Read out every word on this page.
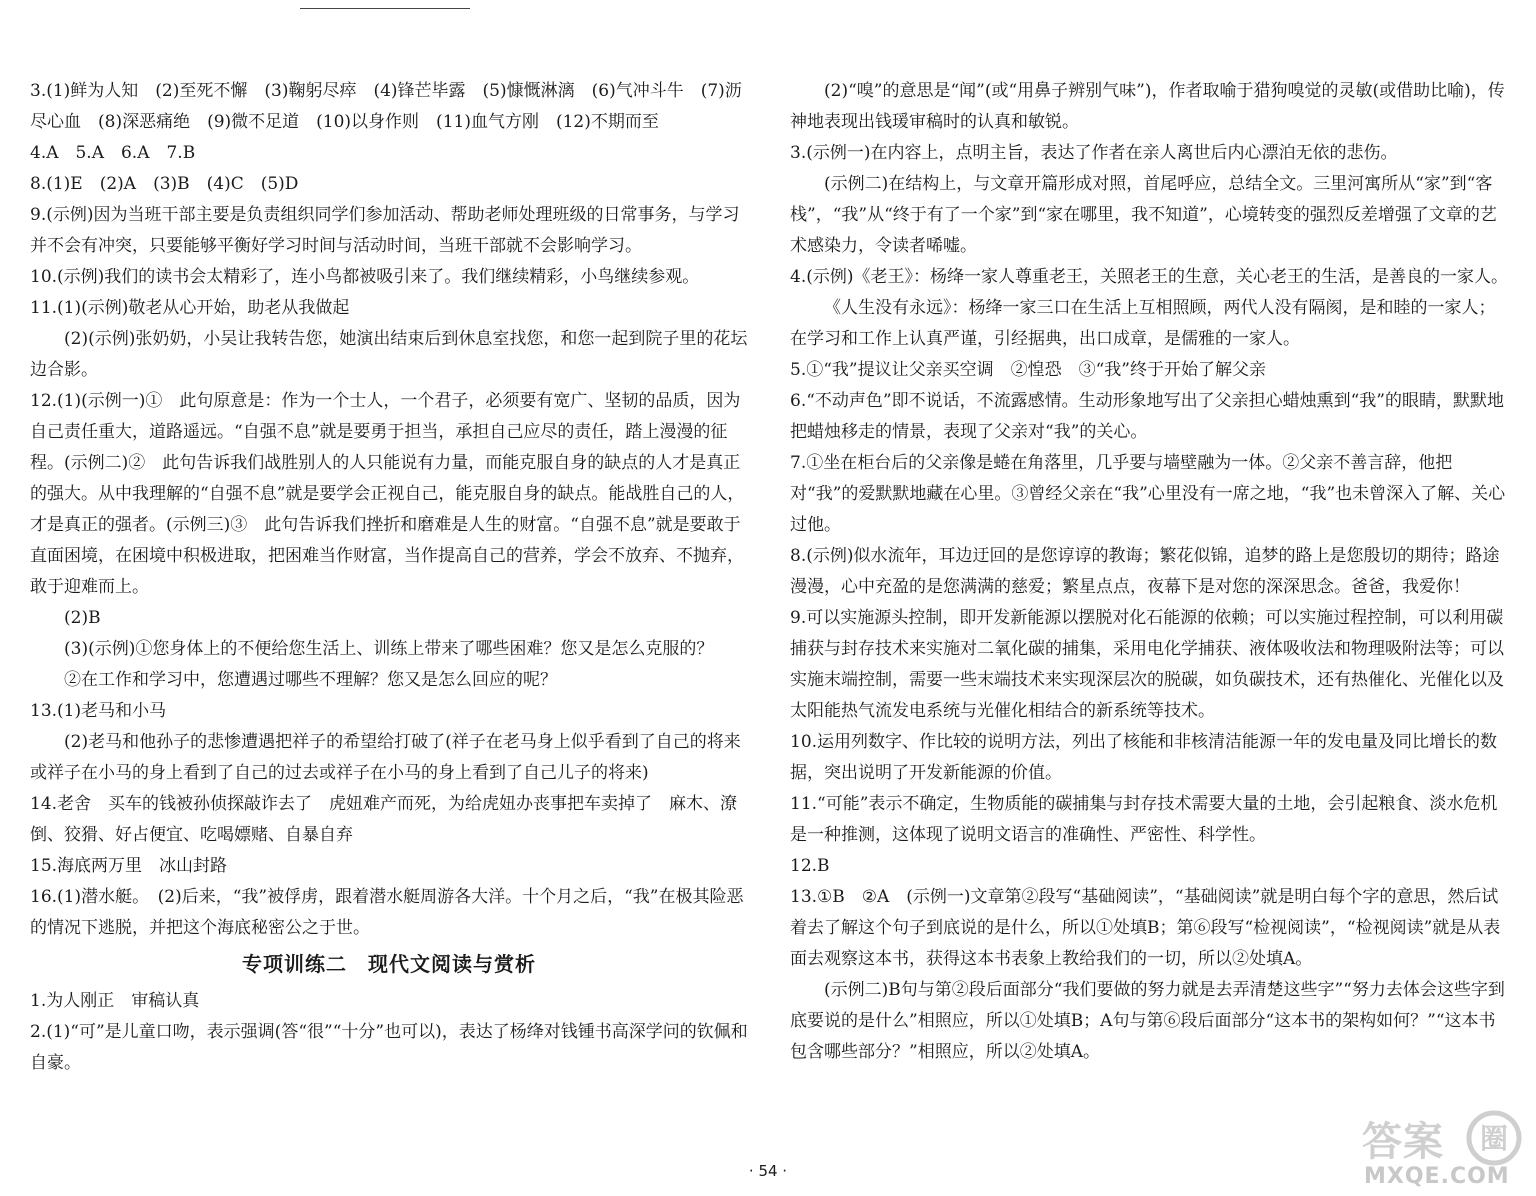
3.(1)鲜为人知　(2)至死不懈　(3)鞠躬尽瘁　(4)锋芒毕露　(5)慷慨淋漓　(6)气冲斗牛　(7)沥尽心血　(8)深恶痛绝　(9)微不足道　(10)以身作则　(11)血气方刚　(12)不期而至

4.A　5.A　6.A　7.B

8.(1)E　(2)A　(3)B　(4)C　(5)D

9.(示例)因为当班干部主要是负责组织同学们参加活动、帮助老师处理班级的日常事务，与学习并不会有冲突，只要能够平衡好学习时间与活动时间，当班干部就不会影响学习。

10.(示例)我们的读书会太精彩了，连小鸟都被吸引来了。我们继续精彩，小鸟继续参观。

11.(1)(示例)敬老从心开始，助老从我做起

(2)(示例)张奶奶，小吴让我转告您，她演出结束后到休息室找您，和您一起到院子里的花坛边合影。

12.(1)(示例一)①　此句原意是：作为一个士人，一个君子，必须要有宽广、坚韧的品质，因为自己责任重大，道路遥远。“自强不息”就是要勇于担当，承担自己应尽的责任，踏上漫漫的征程。(示例二)②　此句告诉我们战胜别人的人只能说有力量，而能克服自身的缺点的人才是真正的强大。从中我理解的“自强不息”就是要学会正视自己，能克服自身的缺点。能战胜自己的人，才是真正的强者。(示例三)③　此句告诉我们挫折和磨难是人生的财富。“自强不息”就是要敢于直面困境，在困境中积极进取，把困难当作财富，当作提高自己的营养，学会不放弃、不抛弃，敢于迎难而上。

(2)B

(3)(示例)①您身体上的不便给您生活上、训练上带来了哪些困难？您又是怎么克服的？

②在工作和学习中，您遭遇过哪些不理解？您又是怎么回应的呢？

13.(1)老马和小马

(2)老马和他孙子的悲惨遭遇把祥子的希望给打破了(祥子在老马身上似乎看到了自己的将来或祥子在小马的身上看到了自己的过去或祥子在小马的身上看到了自己儿子的将来)

14.老舍　买车的钱被孙侦探敲诈去了　虎妞难产而死，为给虎妞办丧事把车卖掉了　麻木、潦倒、狡猾、好占便宜、吃喝嫖赌、自暴自弃

15.海底两万里　冰山封路

16.(1)潜水艇。　(2)后来，“我”被俘虏，跟着潜水艇周游各大洋。十个月之后，“我”在极其险恶的情况下逃脱，并把这个海底秘密公之于世。

专项训练二　现代文阅读与赏析

1.为人刚正　审稿认真

2.(1)“可”是儿童口吻，表示强调(答“很”“十分”也可以)，表达了杨绛对钱锺书高深学问的钦佩和自豪。

(2)“嗅”的意思是“闻”(或“用鼻子辨别气味”)，作者取喻于猎狗嗅觉的灵敏(或借助比喻)，传神地表现出钱瑗审稿时的认真和敏锐。

3.(示例一)在内容上，点明主旨，表达了作者在亲人离世后内心漂泊无依的悲伤。

(示例二)在结构上，与文章开篇形成对照，首尾呼应，总结全文。三里河寓所从“家”到“客栈”，“我”从“终于有了一个家”到“家在哪里，我不知道”，心境转变的强烈反差增强了文章的艺术感染力，令读者唏嘘。

4.(示例)《老王》：杨绛一家人尊重老王，关照老王的生意，关心老王的生活，是善良的一家人。

《人生没有永远》：杨绛一家三口在生活上互相照顾，两代人没有隔阂，是和睦的一家人；在学习和工作上认真严谨，引经据典，出口成章，是儒雅的一家人。

5.①“我”提议让父亲买空调　②惶恐　③“我”终于开始了解父亲

6.“不动声色”即不说话，不流露感情。生动形象地写出了父亲担心蜡烛熏到“我”的眼睛，默默地把蜡烛移走的情景，表现了父亲对“我”的关心。

7.①坐在柜台后的父亲像是蜷在角落里，几乎要与墙壁融为一体。②父亲不善言辞，他把对“我”的爱默默地藏在心里。③曾经父亲在“我”心里没有一席之地，“我”也未曾深入了解、关心过他。

8.(示例)似水流年，耳边迂回的是您谆谆的教诲；繁花似锦，追梦的路上是您殷切的期待；路途漫漫，心中充盈的是您满满的慈爱；繁星点点，夜幕下是对您的深深思念。爸爸，我爱你！

9.可以实施源头控制，即开发新能源以摆脱对化石能源的依赖；可以实施过程控制，可以利用碳捕获与封存技术来实施对二氧化碳的捕集，采用电化学捕获、液体吸收法和物理吸附法等；可以实施末端控制，需要一些末端技术来实现深层次的脱碳，如负碳技术，还有热催化、光催化以及太阳能热气流发电系统与光催化相结合的新系统等技术。

10.运用列数字、作比较的说明方法，列出了核能和非核清洁能源一年的发电量及同比增长的数据，突出说明了开发新能源的价值。

11.“可能”表示不确定，生物质能的碳捕集与封存技术需要大量的土地，会引起粮食、淡水危机是一种推测，这体现了说明文语言的准确性、严密性、科学性。

12.B

13.①B　②A　(示例一)文章第②段写“基础阅读”，“基础阅读”就是明白每个字的意思，然后试着去了解这个句子到底说的是什么，所以①处填B；第⑥段写“检视阅读”，“检视阅读”就是从表面去观察这本书，获得这本书表象上教给我们的一切，所以②处填A。

(示例二)B句与第②段后面部分“我们要做的努力就是去弄清楚这些字”“努力去体会这些字到底要说的是什么”相照应，所以①处填B；A句与第⑥段后面部分“这本书的架构如何？”“这本书包含哪些部分？”相照应，所以②处填A。

· 54 ·
答案	圈
MXQE.COM
